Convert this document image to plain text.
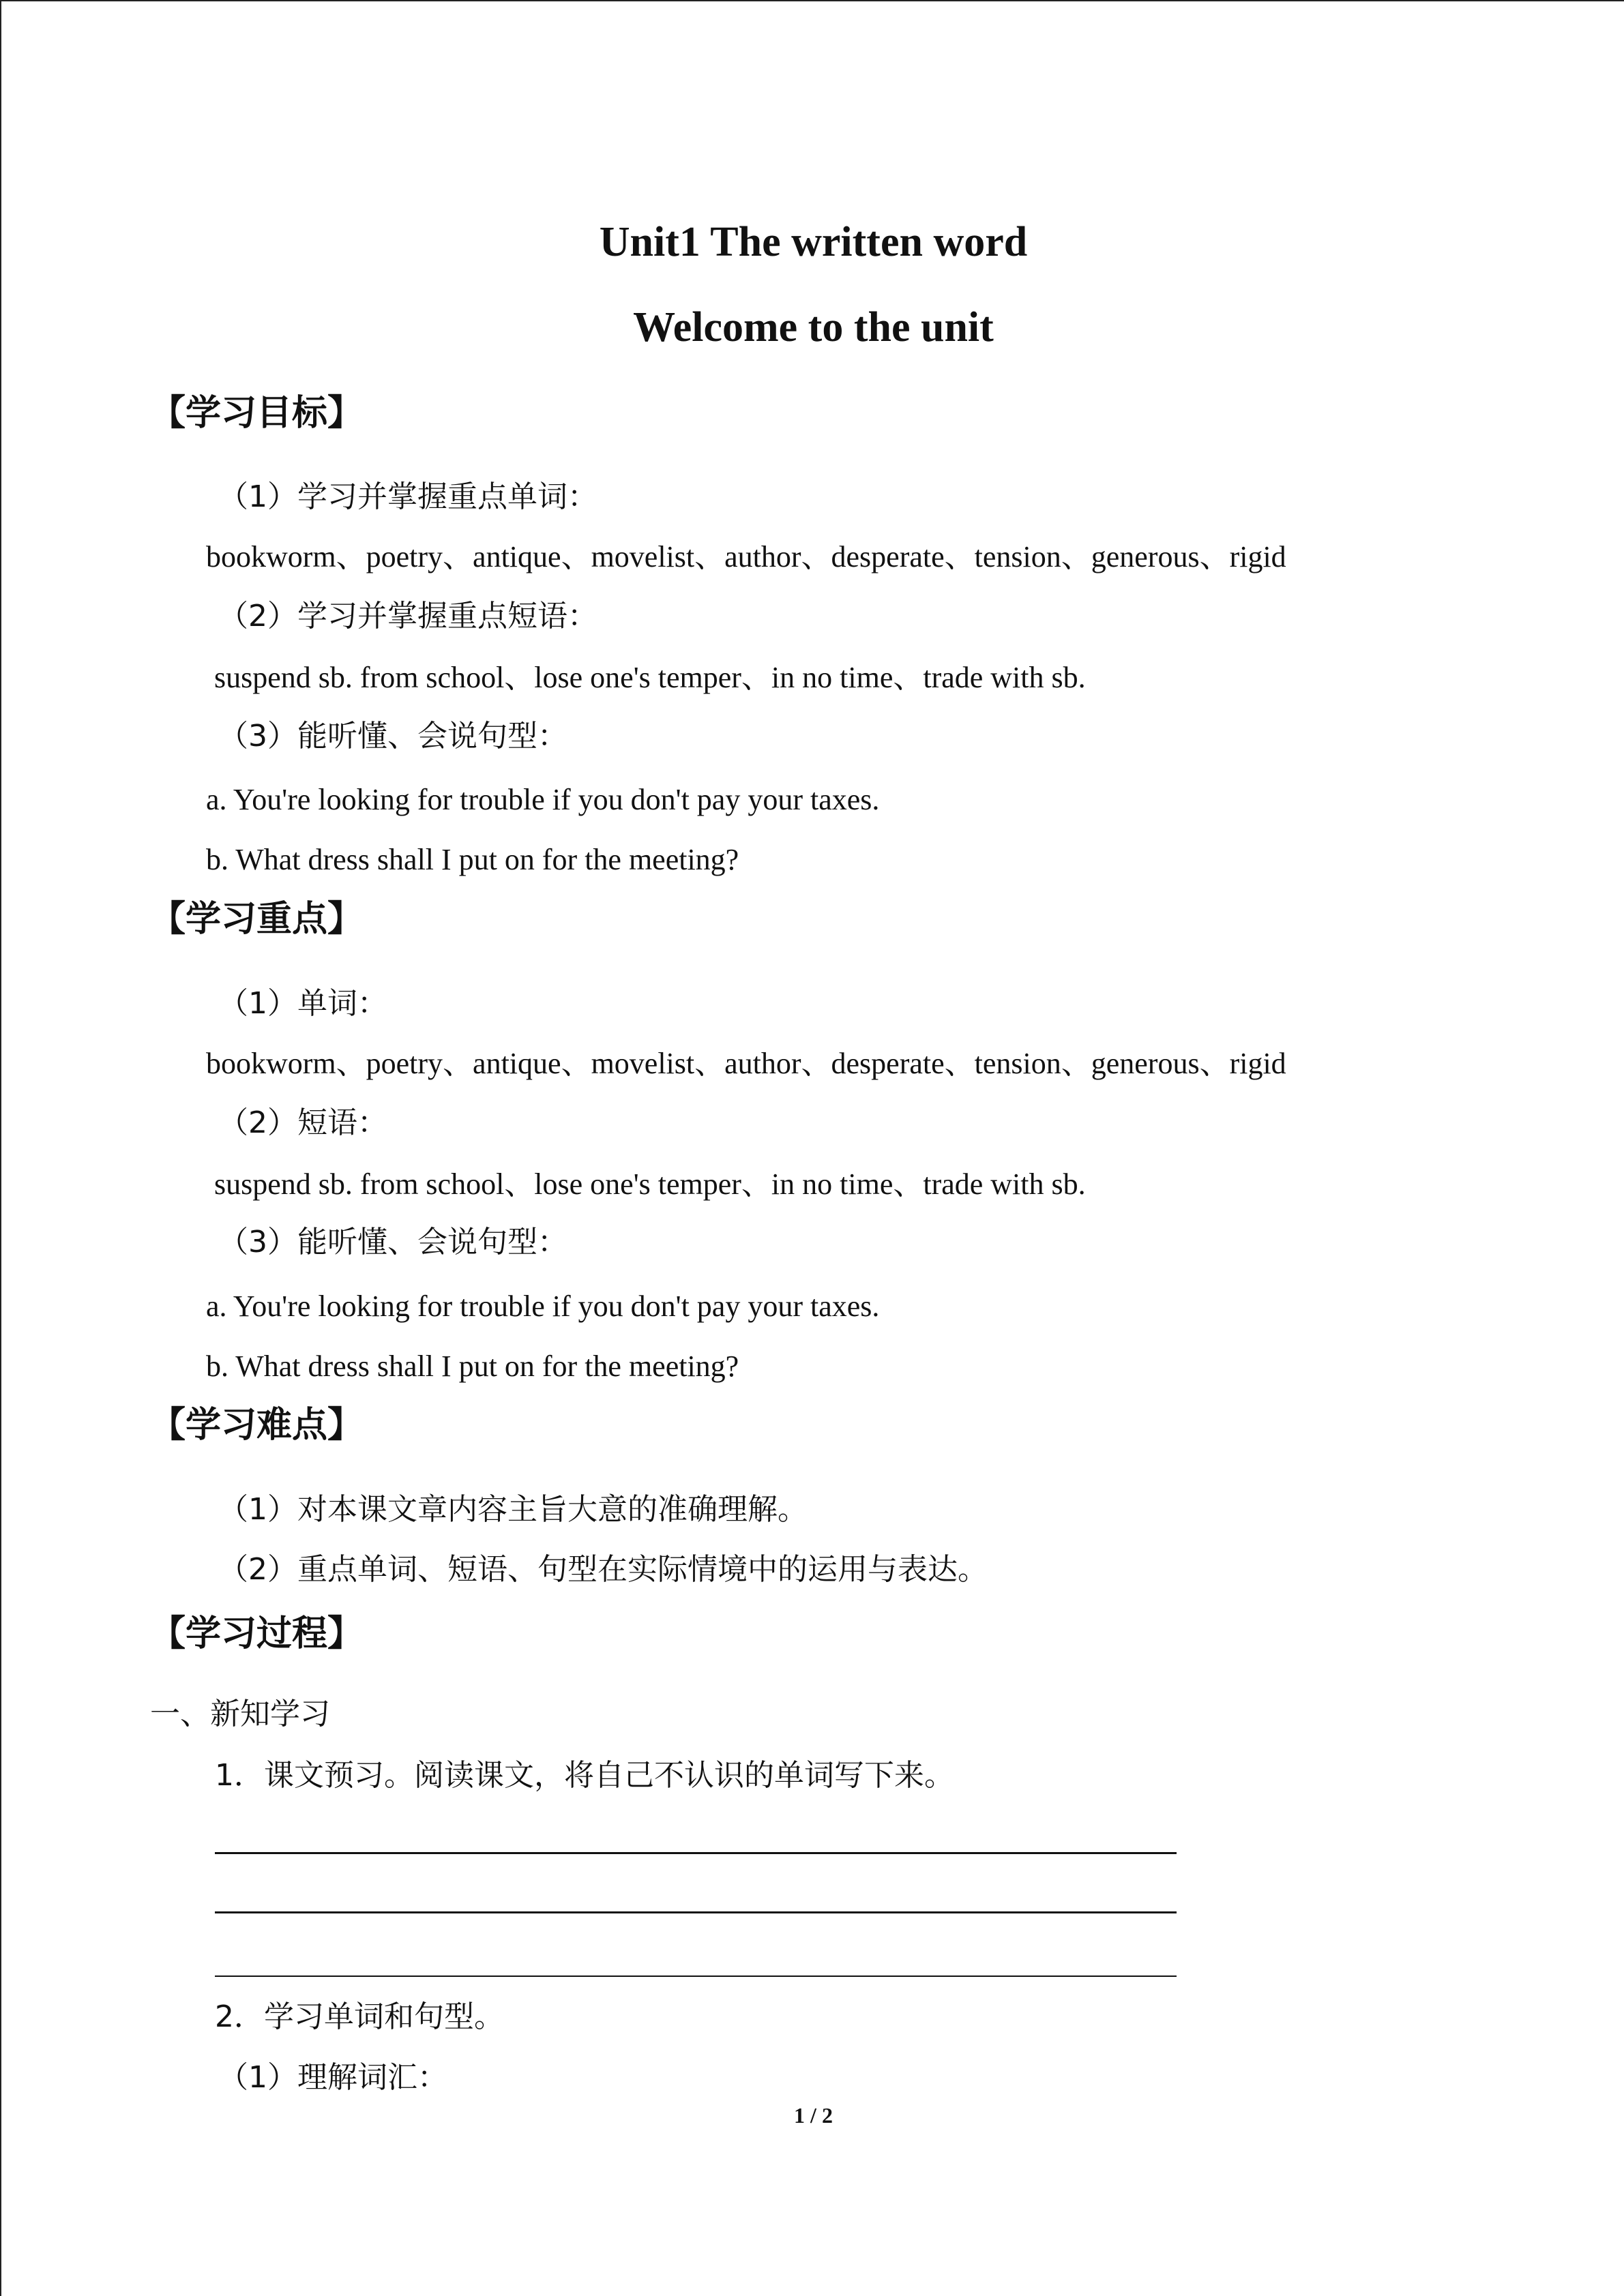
Unit1 The written word
Welcome to the unit
【学习目标】
（1）学习并掌握重点单词：
bookworm、poetry、antique、movelist、author、desperate、tension、generous、rigid
（2）学习并掌握重点短语：
suspend sb. from school、lose one's temper、in no time、trade with sb.
（3）能听懂、会说句型：
a. You're looking for trouble if you don't pay your taxes.
b. What dress shall I put on for the meeting?
【学习重点】
（1）单词：
bookworm、poetry、antique、movelist、author、desperate、tension、generous、rigid
（2）短语：
suspend sb. from school、lose one's temper、in no time、trade with sb.
（3）能听懂、会说句型：
a. You're looking for trouble if you don't pay your taxes.
b. What dress shall I put on for the meeting?
【学习难点】
（1）对本课文章内容主旨大意的准确理解。
（2）重点单词、短语、句型在实际情境中的运用与表达。
【学习过程】
一、新知学习
1．课文预习。阅读课文，将自己不认识的单词写下来。
2．学习单词和句型。
（1）理解词汇：
1 / 2
